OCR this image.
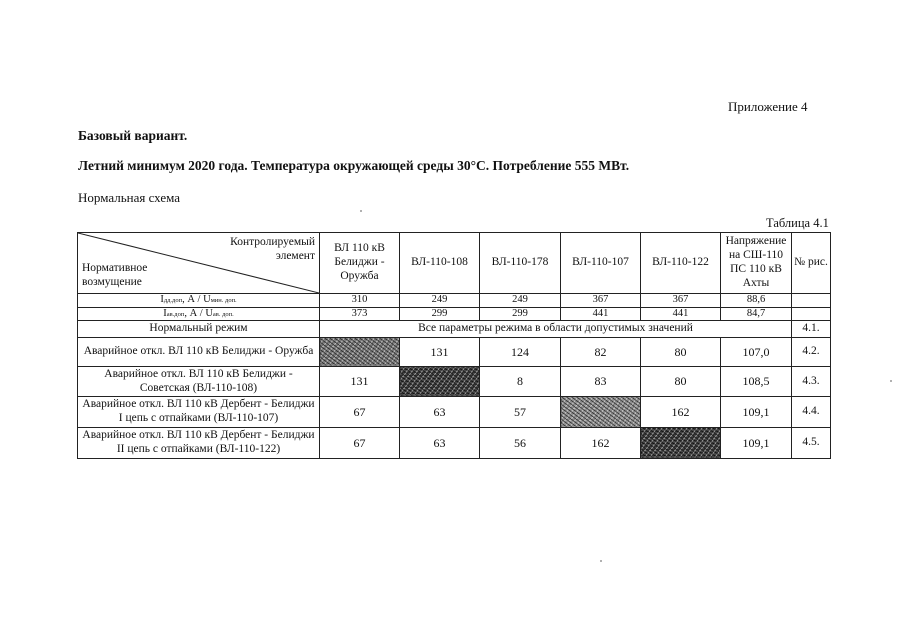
Приложение 4
Базовый вариант.
Летний минимум 2020 года. Температура окружающей среды 30°С. Потребление 555 МВт.
Нормальная схема
Таблица 4.1
Контролируемый элемент
Нормативное возмущение	ВЛ 110 кВ Белиджи - Оружба	ВЛ-110-108	ВЛ-110-178	ВЛ-110-107	ВЛ-110-122	Напряжение на СШ-110 ПС 110 кВ Ахты	№ рис.
Iдд.доп, А / Uмин. доп.	310	249	249	367	367	88,6	
Iав.доп, А / Uав. доп.	373	299	299	441	441	84,7	
Нормальный режим	Все параметры режима в области допустимых значений						4.1.
Аварийное откл. ВЛ 110 кВ Белиджи - Оружба		131	124	82	80	107,0	4.2.
Аварийное откл. ВЛ 110 кВ Белиджи - Советская (ВЛ-110-108)	131		8	83	80	108,5	4.3.
Аварийное откл. ВЛ 110 кВ Дербент - Белиджи I цепь с отпайками (ВЛ-110-107)	67	63	57		162	109,1	4.4.
Аварийное откл. ВЛ 110 кВ Дербент - Белиджи II цепь с отпайками (ВЛ-110-122)	67	63	56	162		109,1	4.5.
